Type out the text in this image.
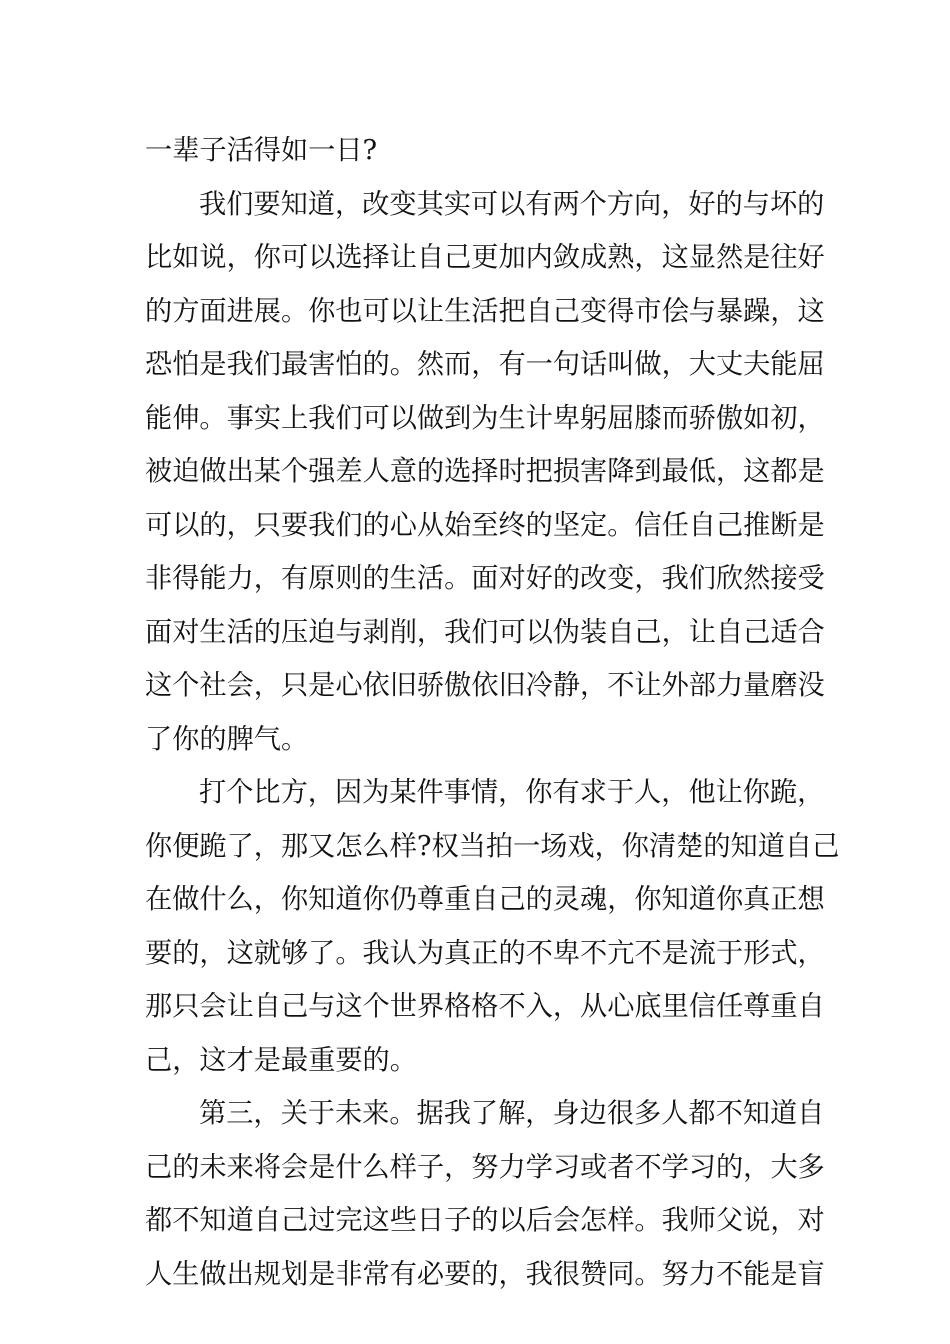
一辈子活得如一日?
我们要知道，改变其实可以有两个方向，好的与坏的
比如说，你可以选择让自己更加内敛成熟，这显然是往好
的方面进展。你也可以让生活把自己变得市侩与暴躁，这
恐怕是我们最害怕的。然而，有一句话叫做，大丈夫能屈
能伸。事实上我们可以做到为生计卑躬屈膝而骄傲如初，
被迫做出某个强差人意的选择时把损害降到最低，这都是
可以的，只要我们的心从始至终的坚定。信任自己推断是
非得能力，有原则的生活。面对好的改变，我们欣然接受
面对生活的压迫与剥削，我们可以伪装自己，让自己适合
这个社会，只是心依旧骄傲依旧冷静，不让外部力量磨没
了你的脾气。
打个比方，因为某件事情，你有求于人，他让你跪，
你便跪了，那又怎么样?权当拍一场戏，你清楚的知道自己
在做什么，你知道你仍尊重自己的灵魂，你知道你真正想
要的，这就够了。我认为真正的不卑不亢不是流于形式，
那只会让自己与这个世界格格不入，从心底里信任尊重自
己，这才是最重要的。
第三，关于未来。据我了解，身边很多人都不知道自
己的未来将会是什么样子，努力学习或者不学习的，大多
都不知道自己过完这些日子的以后会怎样。我师父说，对
人生做出规划是非常有必要的，我很赞同。努力不能是盲
